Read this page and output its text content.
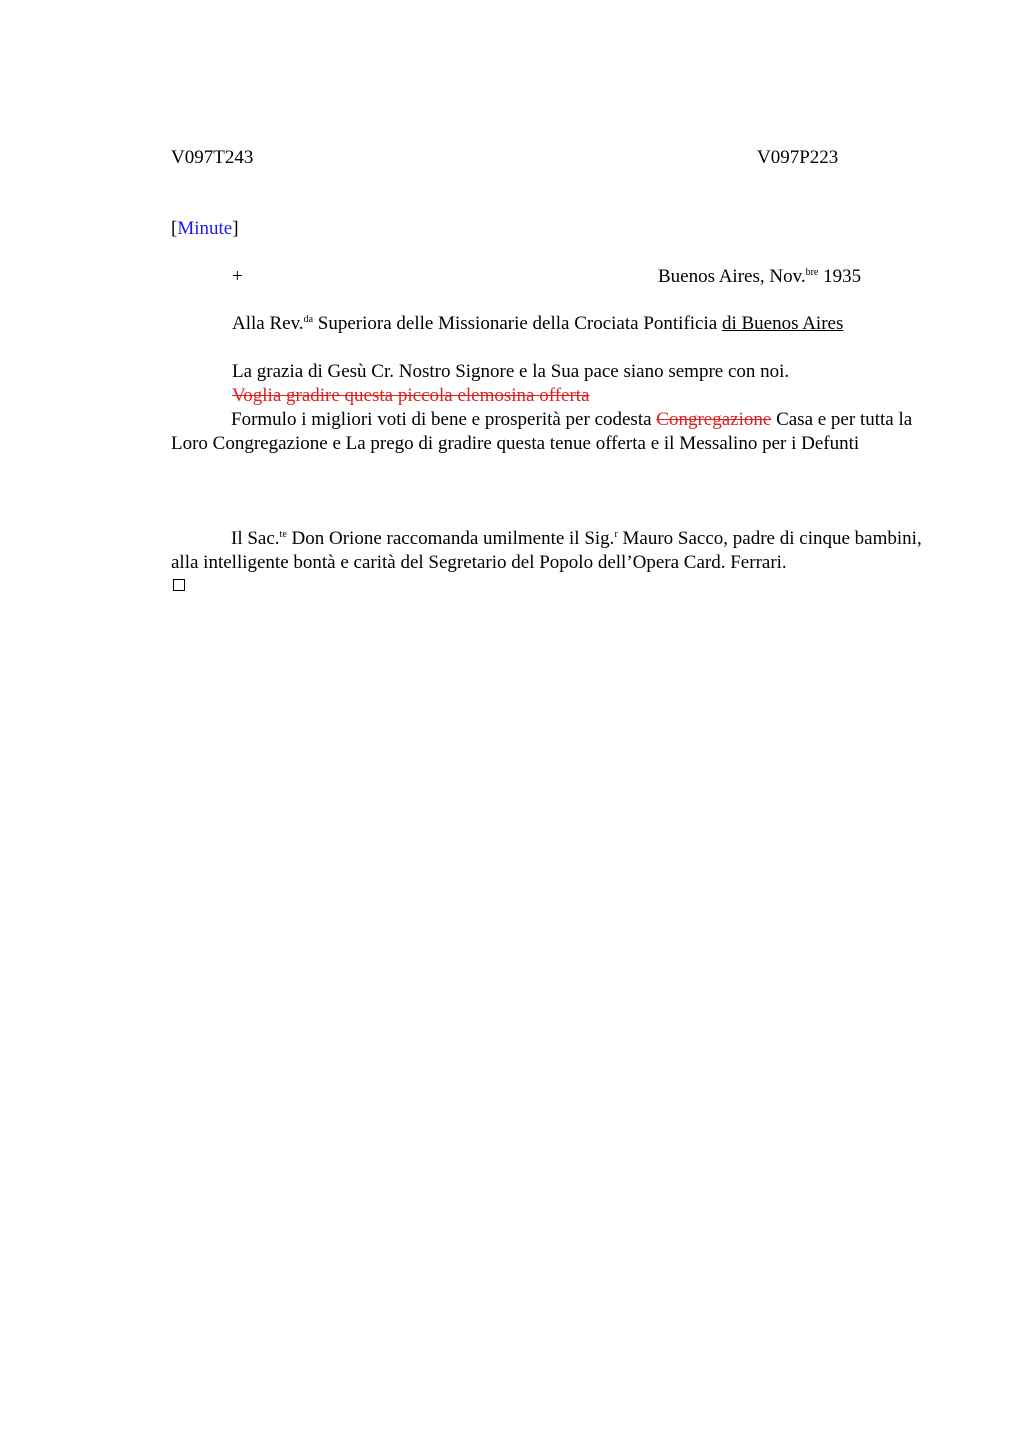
V097T243	V097P223
[Minute]
+	Buenos Aires, Nov.$^{bre}$ 1935
Alla Rev.$^{da}$ Superiora delle Missionarie della Crociata Pontificia di Buenos Aires
La grazia di Gesù Cr. Nostro Signore e la Sua pace siano sempre con noi.
Voglia gradire questa piccola elemosina offerta
Formulo i migliori voti di bene e prosperità per codesta Congregazione Casa e per tutta la Loro Congregazione e La prego di gradire questa tenue offerta e il Messalino per i Defunti
Il Sac.$^{te}$ Don Orione raccomanda umilmente il Sig.$^r$ Mauro Sacco, padre di cinque bambini, alla intelligente bontà e carità del Segretario del Popolo dell’Opera Card. Ferrari.
